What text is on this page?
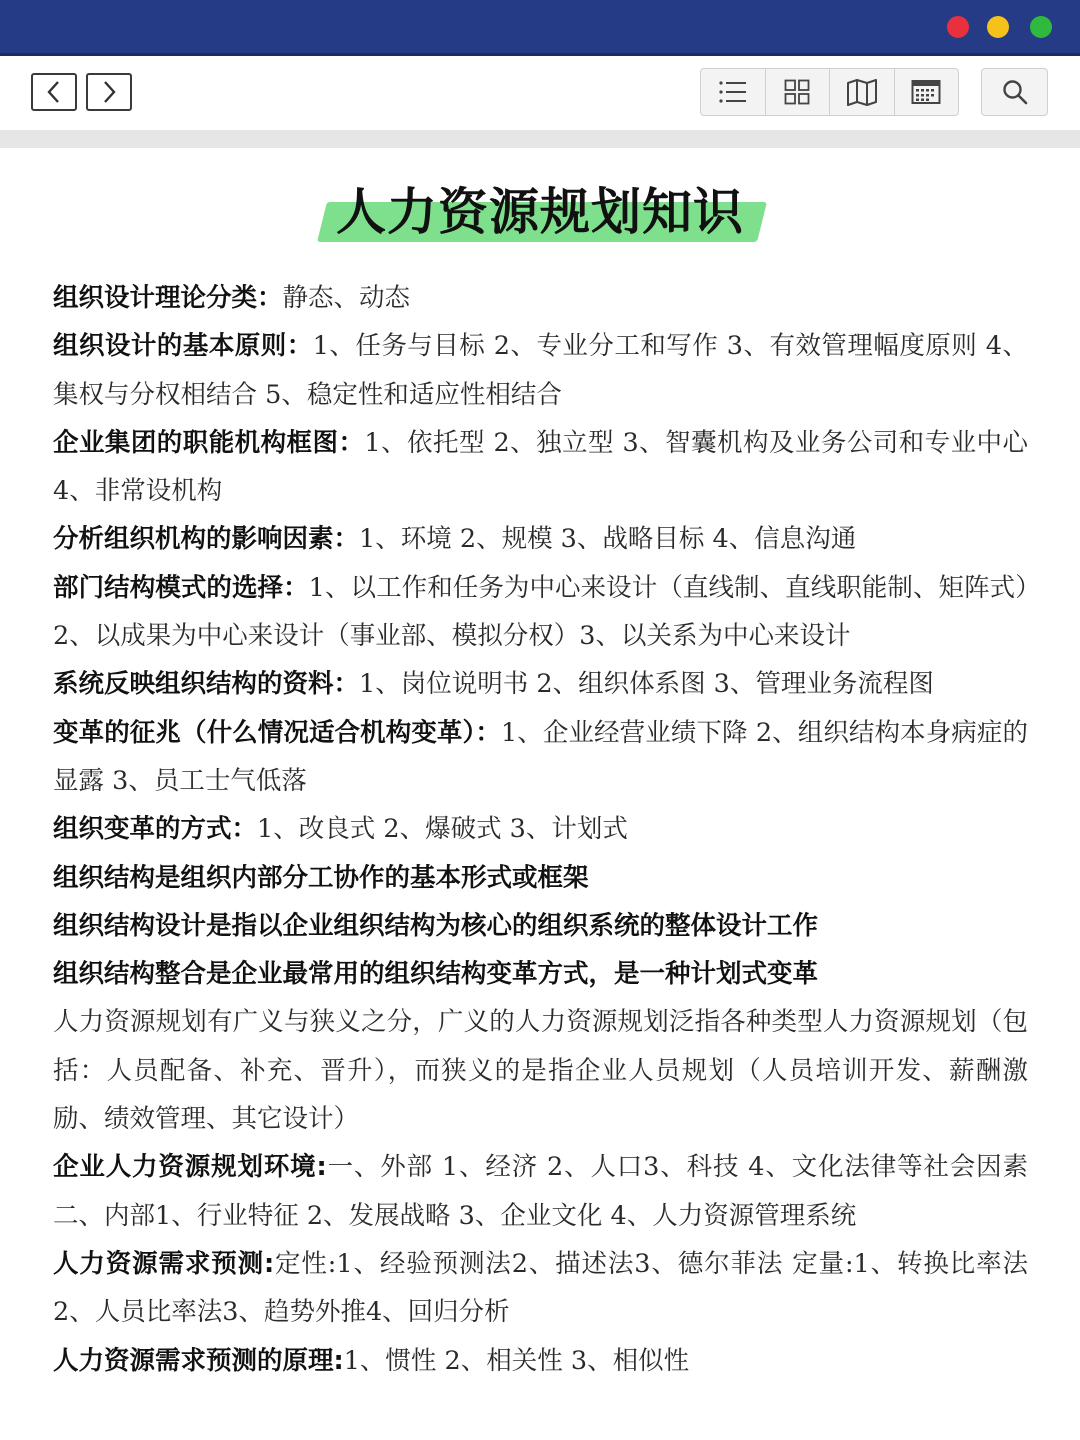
人力资源规划知识

组织设计理论分类：静态、动态

组织设计的基本原则：1、任务与目标 2、专业分工和写作 3、有效管理幅度原则 4、集权与分权相结合 5、稳定性和适应性相结合

企业集团的职能机构框图：1、依托型 2、独立型 3、智囊机构及业务公司和专业中心 4、非常设机构

分析组织机构的影响因素：1、环境 2、规模 3、战略目标 4、信息沟通

部门结构模式的选择：1、以工作和任务为中心来设计（直线制、直线职能制、矩阵式）2、以成果为中心来设计（事业部、模拟分权）3、以关系为中心来设计

系统反映组织结构的资料：1、岗位说明书 2、组织体系图 3、管理业务流程图

变革的征兆（什么情况适合机构变革）：1、企业经营业绩下降 2、组织结构本身病症的显露 3、员工士气低落

组织变革的方式：1、改良式 2、爆破式 3、计划式

组织结构是组织内部分工协作的基本形式或框架

组织结构设计是指以企业组织结构为核心的组织系统的整体设计工作

组织结构整合是企业最常用的组织结构变革方式，是一种计划式变革

人力资源规划有广义与狭义之分，广义的人力资源规划泛指各种类型人力资源规划（包括：人员配备、补充、晋升），而狭义的是指企业人员规划（人员培训开发、薪酬激励、绩效管理、其它设计）

企业人力资源规划环境:一、外部 1、经济 2、人口3、科技 4、文化法律等社会因素 二、内部1、行业特征 2、发展战略 3、企业文化 4、人力资源管理系统

人力资源需求预测:定性:1、经验预测法2、描述法3、德尔菲法 定量:1、转换比率法2、人员比率法3、趋势外推4、回归分析

人力资源需求预测的原理:1、惯性 2、相关性 3、相似性
